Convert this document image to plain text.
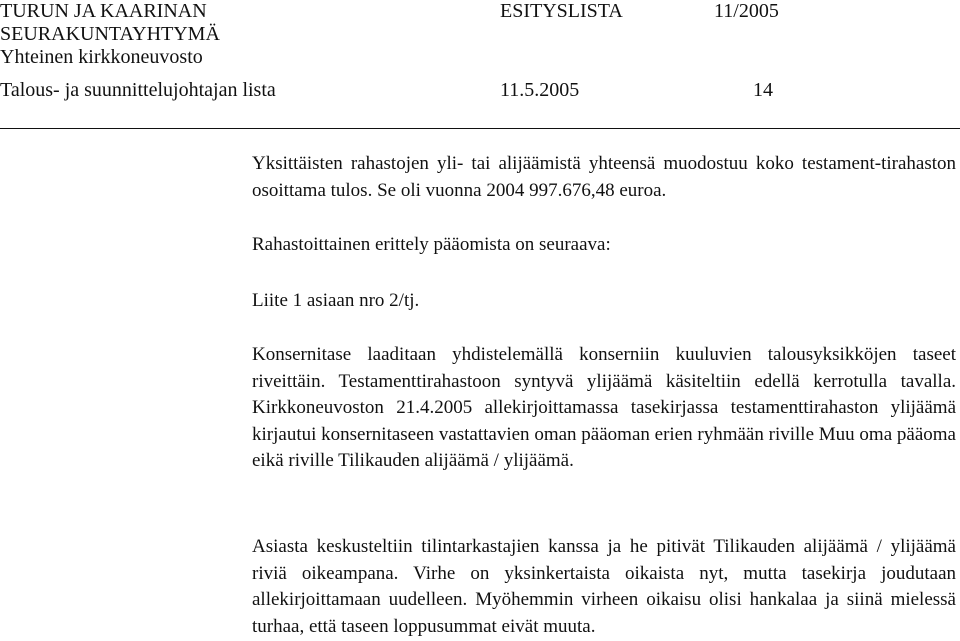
TURUN JA KAARINAN	ESITYSLISTA	11/2005

SEURAKUNTAYHTYMÄ

Yhteinen kirkkoneuvosto

Talous- ja suunnittelujohtajan lista	11.5.2005	14

Yksittäisten rahastojen yli- tai alijäämistä yhteensä muodostuu koko testament-tirahaston osoittama tulos. Se oli vuonna 2004 997.676,48 euroa.

Rahastoittainen erittely pääomista on seuraava:

Liite 1 asiaan nro 2/tj.

Konsernitase laaditaan yhdistelemällä konserniin kuuluvien talousyksikköjen taseet riveittäin. Testamenttirahastoon syntyvä ylijäämä käsiteltiin edellä kerrotulla tavalla. Kirkkoneuvoston 21.4.2005 allekirjoittamassa tasekirjassa testamenttirahaston ylijäämä kirjautui konsernitaseen vastattavien oman pääoman erien ryhmään riville Muu oma pääoma eikä riville Tilikauden alijäämä / ylijäämä.

Asiasta keskusteltiin tilintarkastajien kanssa ja he pitivät Tilikauden alijäämä / ylijäämä riviä oikeampana. Virhe on yksinkertaista oikaista nyt, mutta tasekirja joudutaan allekirjoittamaan uudelleen. Myöhemmin virheen oikaisu olisi hankalaa ja siinä mielessä turhaa, että taseen loppusummat eivät muuta.
